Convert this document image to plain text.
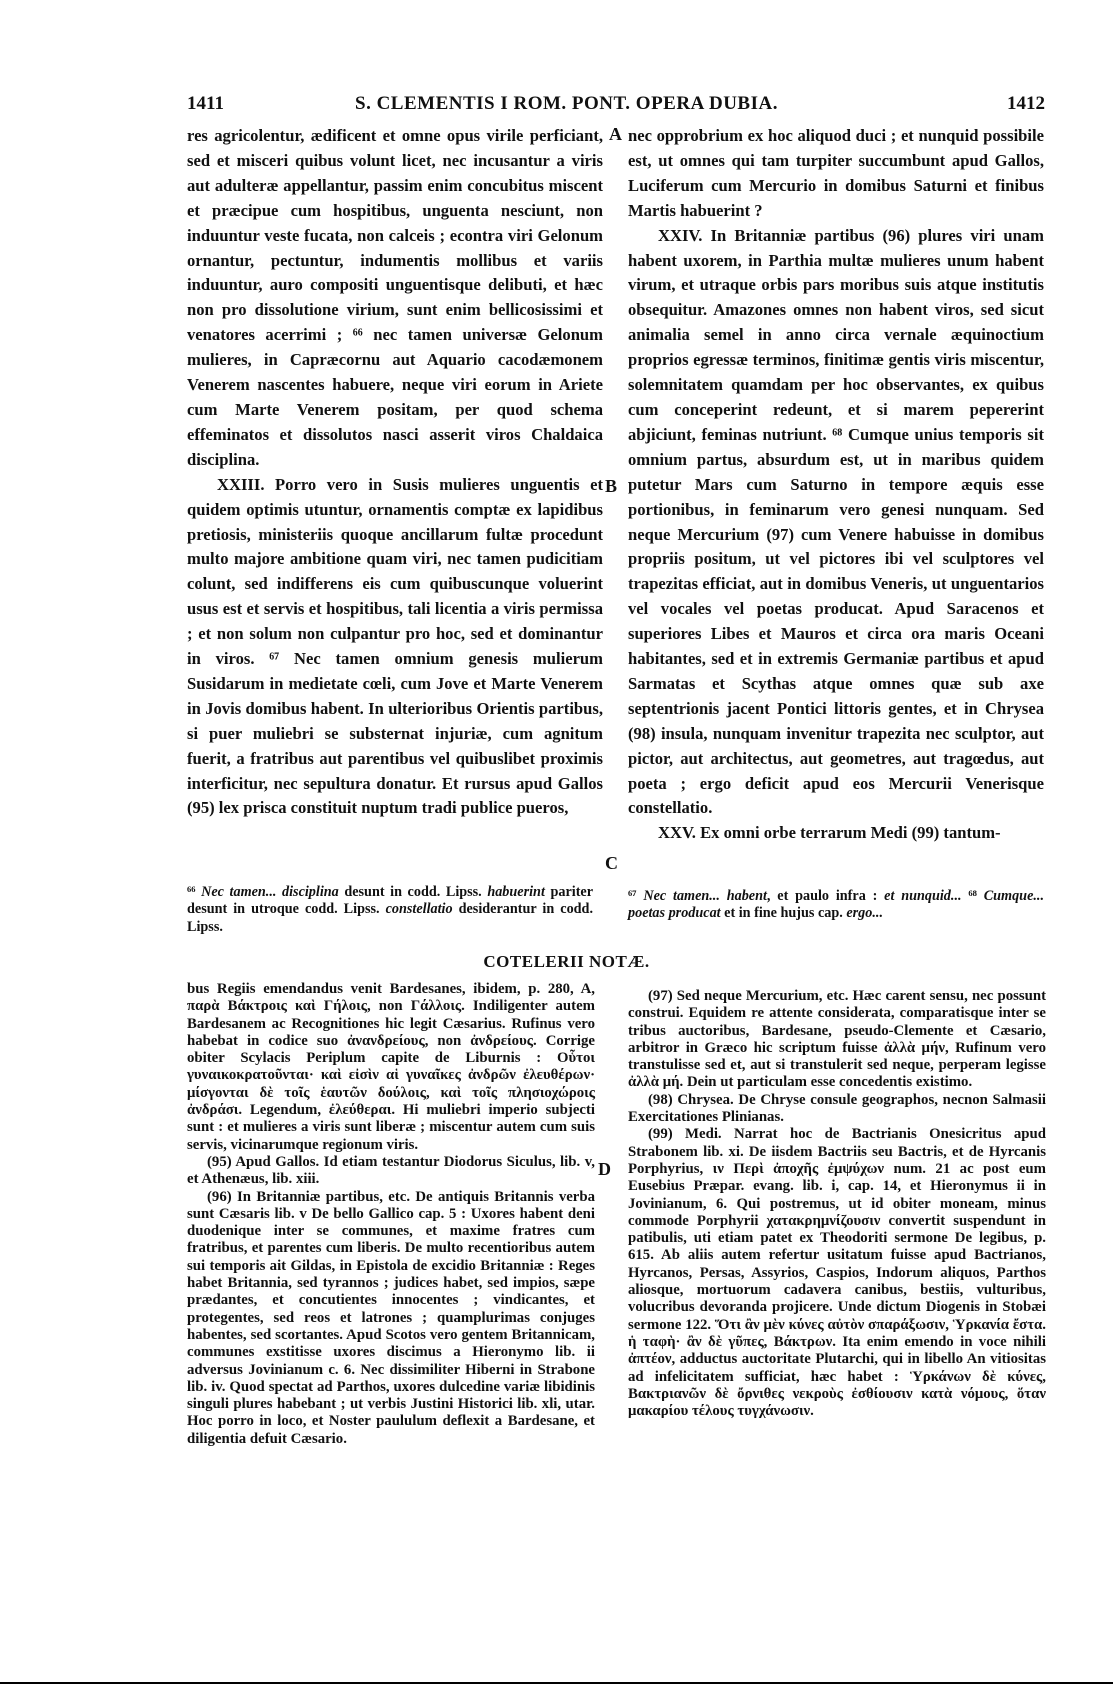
1411	S. CLEMENTIS I ROM. PONT. OPERA DUBIA.	1412
A
B
C
D

res agricolentur, ædificent et omne opus virile perficiant, sed et misceri quibus volunt licet, nec incusantur a viris aut adulteræ appellantur, passim enim concubitus miscent et præcipue cum hospitibus, unguenta nesciunt, non induuntur veste fucata, non calceis ; econtra viri Gelonum ornantur, pectuntur, indumentis mollibus et variis induuntur, auro compositi unguentisque delibuti, et hæc non pro dissolutione virium, sunt enim bellicosissimi et venatores acerrimi ; ⁶⁶ nec tamen universæ Gelonum mulieres, in Capræcornu aut Aquario cacodæmonem Venerem nascentes habuere, neque viri eorum in Ariete cum Marte Venerem positam, per quod schema effeminatos et dissolutos nasci asserit viros Chaldaica disciplina.

XXIII. Porro vero in Susis mulieres unguentis et quidem optimis utuntur, ornamentis comptæ ex lapidibus pretiosis, ministeriis quoque ancillarum fultæ procedunt multo majore ambitione quam viri, nec tamen pudicitiam colunt, sed indifferens eis cum quibuscunque voluerint usus est et servis et hospitibus, tali licentia a viris permissa ; et non solum non culpantur pro hoc, sed et dominantur in viros. ⁶⁷ Nec tamen omnium genesis mulierum Susidarum in medietate cœli, cum Jove et Marte Venerem in Jovis domibus habent. In ulterioribus Orientis partibus, si puer muliebri se substernat injuriæ, cum agnitum fuerit, a fratribus aut parentibus vel quibuslibet proximis interficitur, nec sepultura donatur. Et rursus apud Gallos (95) lex prisca constituit nuptum tradi publice pueros,

nec opprobrium ex hoc aliquod duci ; et nunquid possibile est, ut omnes qui tam turpiter succumbunt apud Gallos, Luciferum cum Mercurio in domibus Saturni et finibus Martis habuerint ?

XXIV. In Britanniæ partibus (96) plures viri unam habent uxorem, in Parthia multæ mulieres unum habent virum, et utraque orbis pars moribus suis atque institutis obsequitur. Amazones omnes non habent viros, sed sicut animalia semel in anno circa vernale æquinoctium proprios egressæ terminos, finitimæ gentis viris miscentur, solemnitatem quamdam per hoc observantes, ex quibus cum conceperint redeunt, et si marem pepererint abjiciunt, feminas nutriunt. ⁶⁸ Cumque unius temporis sit omnium partus, absurdum est, ut in maribus quidem putetur Mars cum Saturno in tempore æquis esse portionibus, in feminarum vero genesi nunquam. Sed neque Mercurium (97) cum Venere habuisse in domibus propriis positum, ut vel pictores ibi vel sculptores vel trapezitas efficiat, aut in domibus Veneris, ut unguentarios vel vocales vel poetas producat. Apud Saracenos et superiores Libes et Mauros et circa ora maris Oceani habitantes, sed et in extremis Germaniæ partibus et apud Sarmatas et Scythas atque omnes quæ sub axe septentrionis jacent Pontici littoris gentes, et in Chrysea (98) insula, nunquam invenitur trapezita nec sculptor, aut pictor, aut architectus, aut geometres, aut tragœdus, aut poeta ; ergo deficit apud eos Mercurii Venerisque constellatio.

XXV. Ex omni orbe terrarum Medi (99) tantum-

⁶⁶ Nec tamen... disciplina desunt in codd. Lipss. habuerint pariter desunt in utroque codd. Lipss. constellatio desiderantur in codd. Lipss.
⁶⁷ Nec tamen... habent, et paulo infra : et nunquid... ⁶⁸ Cumque... poetas producat et in fine hujus cap. ergo...
COTELERII NOTÆ.

bus Regiis emendandus venit Bardesanes, ibidem, p. 280, A, παρὰ Βάκτροις καὶ Γήλοις, non Γάλλοις. Indiligenter autem Bardesanem ac Recognitiones hic legit Cæsarius. Rufinus vero habebat in codice suo ἀνανδρείους, non ἀνδρείους. Corrige obiter Scylacis Periplum capite de Liburnis : Οὗτοι γυναικοκρατοῦνται· καὶ εἰσὶν αἱ γυναῖκες ἀνδρῶν ἐλευθέρων· μίσγονται δὲ τοῖς ἑαυτῶν δούλοις, καὶ τοῖς πλησιοχώροις ἀνδράσι. Legendum, ἐλεύθεραι. Hi muliebri imperio subjecti sunt : et mulieres a viris sunt liberæ ; miscentur autem cum suis servis, vicinarumque regionum viris.

(95) Apud Gallos. Id etiam testantur Diodorus Siculus, lib. v, et Athenæus, lib. xiii.

(96) In Britanniæ partibus, etc. De antiquis Britannis verba sunt Cæsaris lib. v De bello Gallico cap. 5 : Uxores habent deni duodenique inter se communes, et maxime fratres cum fratribus, et parentes cum liberis. De multo recentioribus autem sui temporis ait Gildas, in Epistola de excidio Britanniæ : Reges habet Britannia, sed tyrannos ; judices habet, sed impios, sæpe prædantes, et concutientes innocentes ; vindicantes, et protegentes, sed reos et latrones ; quamplurimas conjuges habentes, sed scortantes. Apud Scotos vero gentem Britannicam, communes exstitisse uxores discimus a Hieronymo lib. ii adversus Jovinianum c. 6. Nec dissimiliter Hiberni in Strabone lib. iv. Quod spectat ad Parthos, uxores dulcedine variæ libidinis singuli plures habebant ; ut verbis Justini Historici lib. xli, utar. Hoc porro in loco, et Noster paululum deflexit a Bardesane, et diligentia defuit Cæsario.

(97) Sed neque Mercurium, etc. Hæc carent sensu, nec possunt construi. Equidem re attente considerata, comparatisque inter se tribus auctoribus, Bardesane, pseudo-Clemente et Cæsario, arbitror in Græco hic scriptum fuisse ἀλλὰ μήν, Rufinum vero transtulisse sed et, aut si transtulerit sed neque, perperam legisse ἀλλὰ μή. Dein ut particulam esse concedentis existimo.

(98) Chrysea. De Chryse consule geographos, necnon Salmasii Exercitationes Plinianas.

(99) Medi. Narrat hoc de Bactrianis Onesicritus apud Strabonem lib. xi. De iisdem Bactriis seu Bactris, et de Hyrcanis Porphyrius, ιν Περὶ ἀποχῆς ἐμψύχων num. 21 ac post eum Eusebius Præpar. evang. lib. i, cap. 14, et Hieronymus ii in Jovinianum, 6. Qui postremus, ut id obiter moneam, minus commode Porphyrii χατακρημνίζουσιν convertit suspendunt in patibulis, uti etiam patet ex Theodoriti sermone De legibus, p. 615. Ab aliis autem refertur usitatum fuisse apud Bactrianos, Hyrcanos, Persas, Assyrios, Caspios, Indorum aliquos, Parthos aliosque, mortuorum cadavera canibus, bestiis, vulturibus, volucribus devoranda projicere. Unde dictum Diogenis in Stobæi sermone 122. Ὅτι ἂν μὲν κύνες αὐτὸν σπαράξωσιν, Ὑρκανία ἔστα. ἡ ταφὴ· ἂν δὲ γῦπες, Βάκτρων. Ita enim emendo in voce nihili ἀπτέον, adductus auctoritate Plutarchi, qui in libello An vitiositas ad infelicitatem sufficiat, hæc habet : Ὑρκάνων δὲ κύνες, Βακτριανῶν δὲ ὄρνιθες νεκροὺς ἐσθίουσιν κατὰ νόμους, ὅταν μακαρίου τέλους τυγχάνωσιν.
